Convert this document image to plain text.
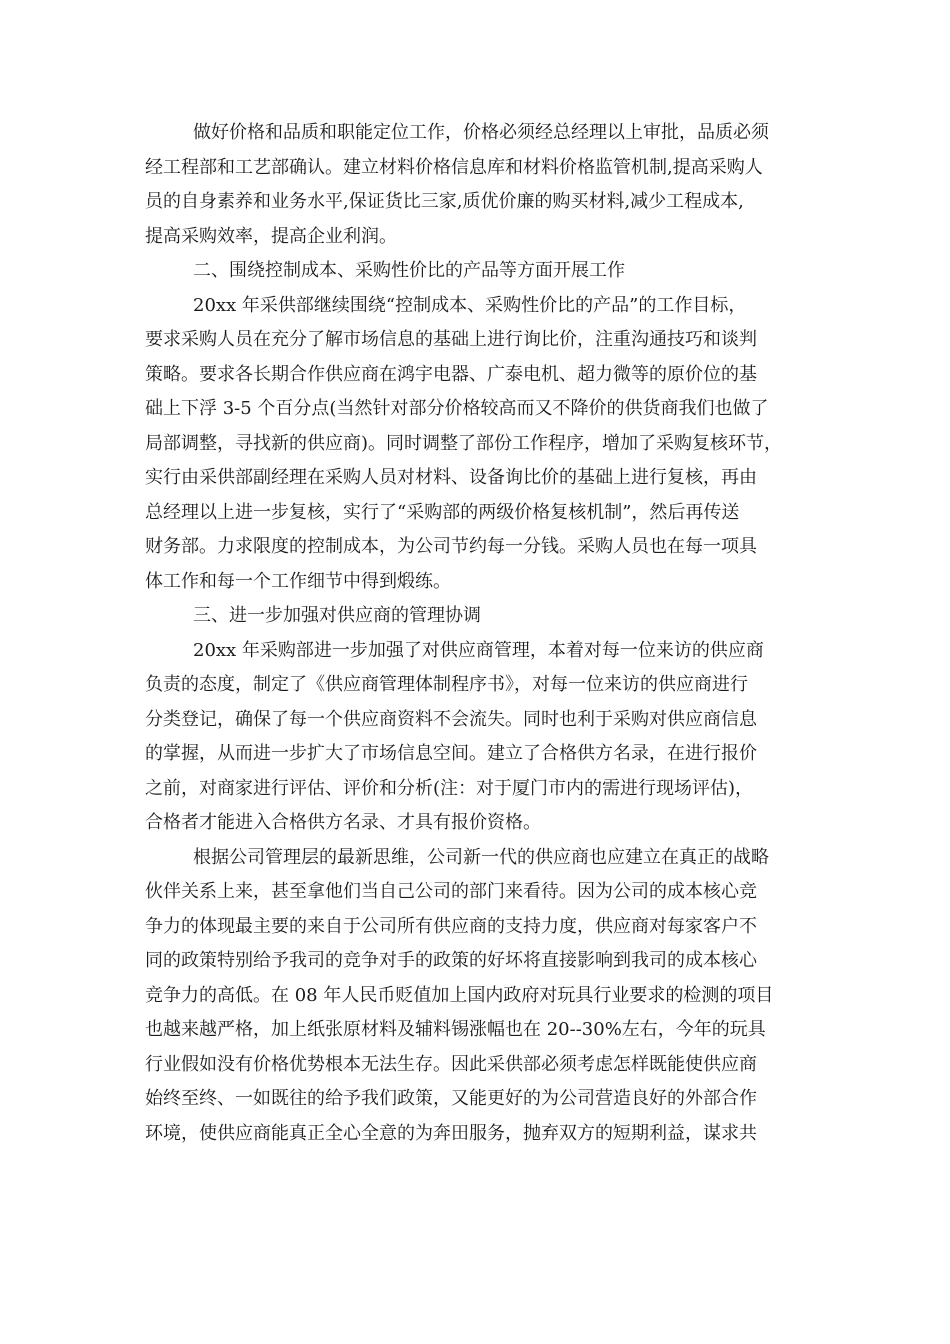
做好价格和品质和职能定位工作，价格必须经总经理以上审批，品质必须
经工程部和工艺部确认。建立材料价格信息库和材料价格监管机制,提高采购人
员的自身素养和业务水平,保证货比三家,质优价廉的购买材料,减少工程成本,
提高采购效率，提高企业利润。
二、围绕控制成本、采购性价比的产品等方面开展工作
20xx 年采供部继续围绕“控制成本、采购性价比的产品”的工作目标，
要求采购人员在充分了解市场信息的基础上进行询比价，注重沟通技巧和谈判
策略。要求各长期合作供应商在鸿宇电器、广泰电机、超力微等的原价位的基
础上下浮 3-5 个百分点(当然针对部分价格较高而又不降价的供货商我们也做了
局部调整，寻找新的供应商)。同时调整了部份工作程序，增加了采购复核环节，
实行由采供部副经理在采购人员对材料、设备询比价的基础上进行复核，再由
总经理以上进一步复核，实行了“采购部的两级价格复核机制”，然后再传送
财务部。力求限度的控制成本，为公司节约每一分钱。采购人员也在每一项具
体工作和每一个工作细节中得到煅练。
三、进一步加强对供应商的管理协调
20xx 年采购部进一步加强了对供应商管理，本着对每一位来访的供应商
负责的态度，制定了《供应商管理体制程序书》，对每一位来访的供应商进行
分类登记，确保了每一个供应商资料不会流失。同时也利于采购对供应商信息
的掌握，从而进一步扩大了市场信息空间。建立了合格供方名录，在进行报价
之前，对商家进行评估、评价和分析(注：对于厦门市内的需进行现场评估)，
合格者才能进入合格供方名录、才具有报价资格。
根据公司管理层的最新思维，公司新一代的供应商也应建立在真正的战略
伙伴关系上来，甚至拿他们当自己公司的部门来看待。因为公司的成本核心竞
争力的体现最主要的来自于公司所有供应商的支持力度，供应商对每家客户不
同的政策特别给予我司的竞争对手的政策的好坏将直接影响到我司的成本核心
竞争力的高低。在 08 年人民币贬值加上国内政府对玩具行业要求的检测的项目
也越来越严格，加上纸张原材料及辅料锡涨幅也在 20--30%左右，今年的玩具
行业假如没有价格优势根本无法生存。因此采供部必须考虑怎样既能使供应商
始终至终、一如既往的给予我们政策，又能更好的为公司营造良好的外部合作
环境，使供应商能真正全心全意的为奔田服务，抛弃双方的短期利益，谋求共
